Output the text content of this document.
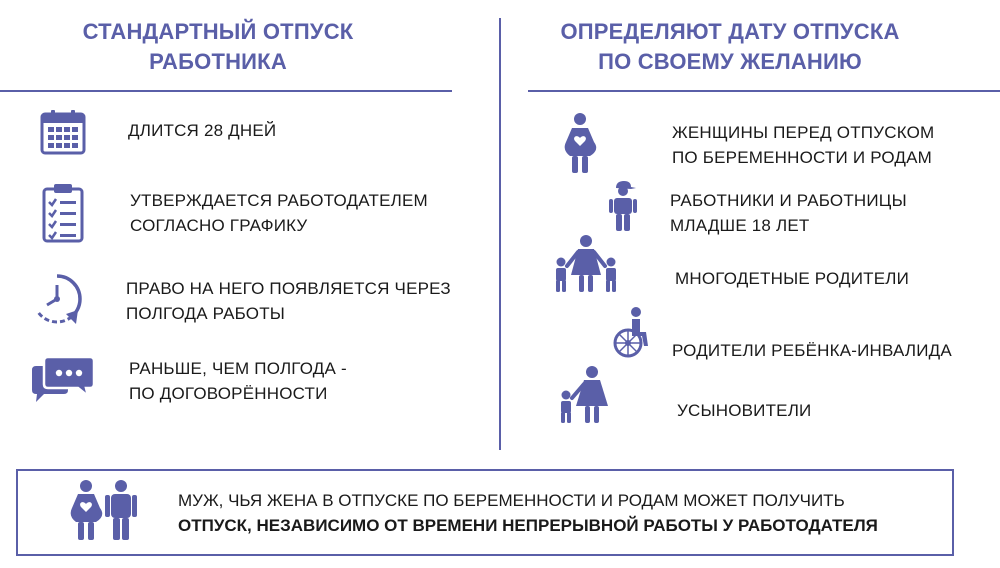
СТАНДАРТНЫЙ ОТПУСК
РАБОТНИКА
ДЛИТСЯ 28 ДНЕЙ
УТВЕРЖДАЕТСЯ РАБОТОДАТЕЛЕМ
СОГЛАСНО ГРАФИКУ
ПРАВО НА НЕГО ПОЯВЛЯЕТСЯ ЧЕРЕЗ
ПОЛГОДА РАБОТЫ
РАНЬШЕ, ЧЕМ ПОЛГОДА -
ПО ДОГОВОРЁННОСТИ
ОПРЕДЕЛЯЮТ ДАТУ ОТПУСКА
ПО СВОЕМУ ЖЕЛАНИЮ
ЖЕНЩИНЫ ПЕРЕД ОТПУСКОМ
ПО БЕРЕМЕННОСТИ И РОДАМ
РАБОТНИКИ И РАБОТНИЦЫ
МЛАДШЕ 18 ЛЕТ
МНОГОДЕТНЫЕ РОДИТЕЛИ
РОДИТЕЛИ РЕБЁНКА-ИНВАЛИДА
УСЫНОВИТЕЛИ
МУЖ, ЧЬЯ ЖЕНА В ОТПУСКЕ ПО БЕРЕМЕННОСТИ И РОДАМ МОЖЕТ ПОЛУЧИТЬ
ОТПУСК, НЕЗАВИСИМО ОТ ВРЕМЕНИ НЕПРЕРЫВНОЙ РАБОТЫ У РАБОТОДАТЕЛЯ
